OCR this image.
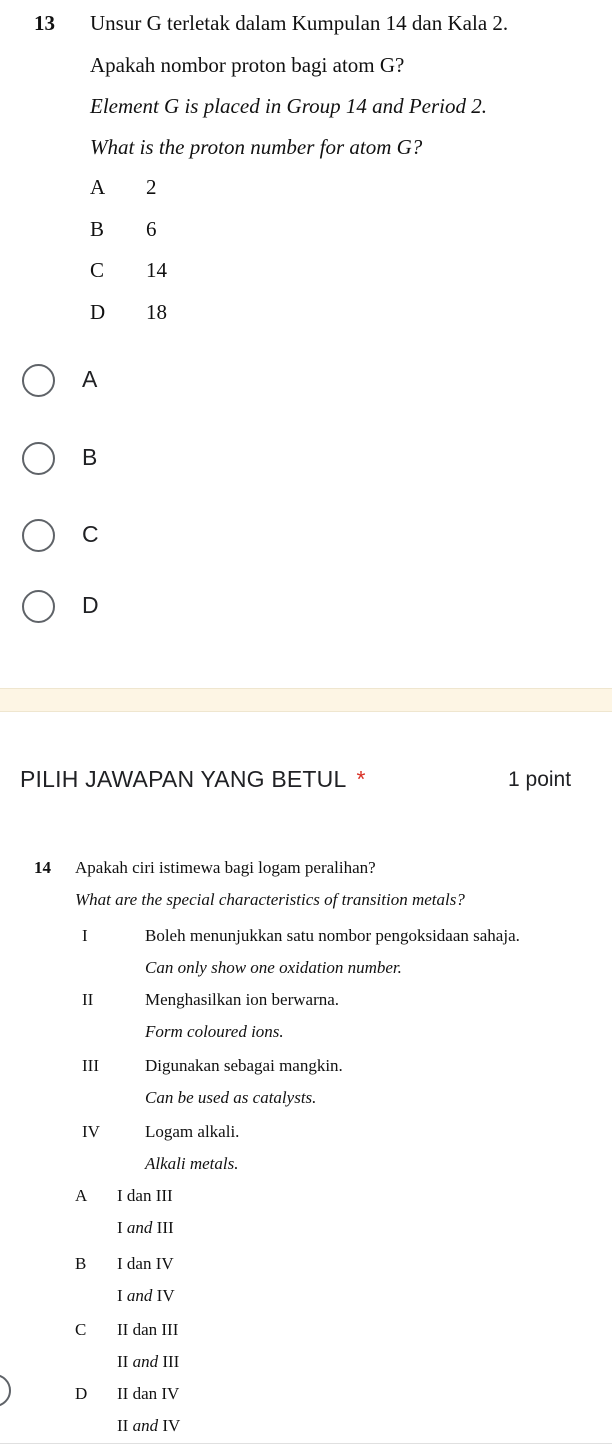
13 Unsur G terletak dalam Kumpulan 14 dan Kala 2.
Apakah nombor proton bagi atom G?
Element G is placed in Group 14 and Period 2.
What is the proton number for atom G?
A 2
B 6
C 14
D 18
A
B
C
D
PILIH JAWAPAN YANG BETUL *	1 point
14 Apakah ciri istimewa bagi logam peralihan?
What are the special characteristics of transition metals?
I	Boleh menunjukkan satu nombor pengoksidaan sahaja.
Can only show one oxidation number.
II	Menghasilkan ion berwarna.
Form coloured ions.
III	Digunakan sebagai mangkin.
Can be used as catalysts.
IV	Logam alkali.
Alkali metals.
A I dan III
I and III
B I dan IV
I and IV
C II dan III
II and III
D II dan IV
II and IV
